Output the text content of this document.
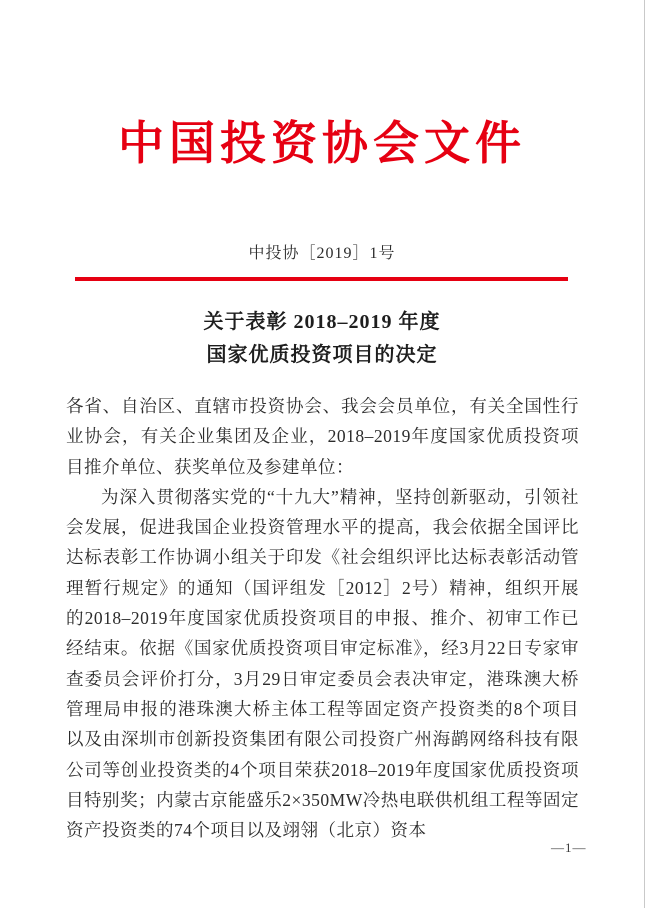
中国投资协会文件
中投协［2019］1号
关于表彰 2018–2019 年度
国家优质投资项目的决定

各省、自治区、直辖市投资协会、我会会员单位，有关全国性行业协会，有关企业集团及企业，2018–2019年度国家优质投资项目推介单位、获奖单位及参建单位：

为深入贯彻落实党的“十九大”精神，坚持创新驱动，引领社会发展，促进我国企业投资管理水平的提高，我会依据全国评比达标表彰工作协调小组关于印发《社会组织评比达标表彰活动管理暂行规定》的通知（国评组发［2012］2号）精神，组织开展的2018–2019年度国家优质投资项目的申报、推介、初审工作已经结束。依据《国家优质投资项目审定标准》，经3月22日专家审查委员会评价打分，3月29日审定委员会表决审定，港珠澳大桥管理局申报的港珠澳大桥主体工程等固定资产投资类的8个项目以及由深圳市创新投资集团有限公司投资广州海鹋网络科技有限公司等创业投资类的4个项目荣获2018–2019年度国家优质投资项目特别奖；内蒙古京能盛乐2×350MW冷热电联供机组工程等固定资产投资类的74个项目以及翊翎（北京）资本

—1—
